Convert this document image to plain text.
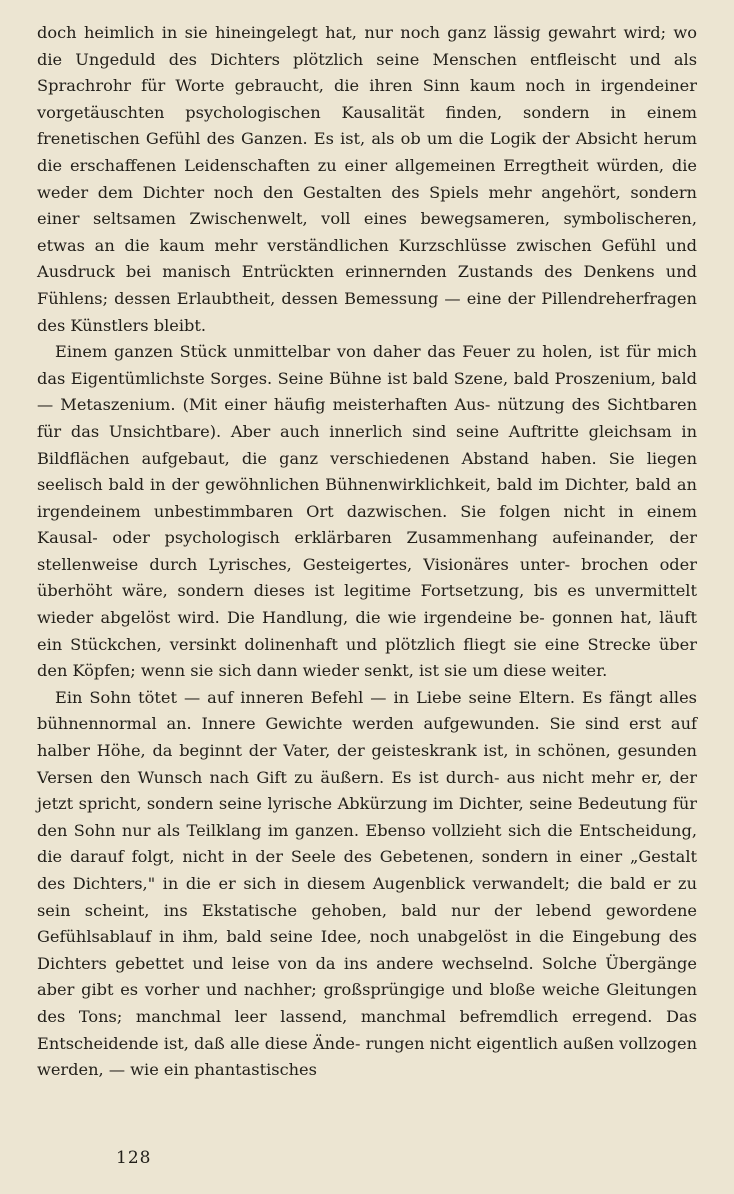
doch heimlich in sie hineingelegt hat, nur noch ganz lässig gewahrt wird; wo die Ungeduld des Dichters plötzlich seine Menschen entfleischt und als Sprachrohr für Worte gebraucht, die ihren Sinn kaum noch in irgendeiner vorgetäuschten psychologischen Kausalität finden, sondern in einem frenetischen Gefühl des Ganzen. Es ist, als ob um die Logik der Absicht herum die erschaffenen Leidenschaften zu einer allgemeinen Erregtheit würden, die weder dem Dichter noch den Gestalten des Spiels mehr angehört, sondern einer seltsamen Zwischenwelt, voll eines bewegsameren, symbolischeren, etwas an die kaum mehr verständlichen Kurzschlüsse zwischen Gefühl und Ausdruck bei manisch Entrückten erinnernden Zustands des Denkens und Fühlens; dessen Erlaubtheit, dessen Bemessung — eine der Pillendreherfragen des Künstlers bleibt.

Einem ganzen Stück unmittelbar von daher das Feuer zu holen, ist für mich das Eigentümlichste Sorges. Seine Bühne ist bald Szene, bald Proszenium, bald — Metaszenium. (Mit einer häufig meisterhaften Aus- nützung des Sichtbaren für das Unsichtbare). Aber auch innerlich sind seine Auftritte gleichsam in Bildflächen aufgebaut, die ganz verschiedenen Abstand haben. Sie liegen seelisch bald in der gewöhnlichen Bühnenwirklichkeit, bald im Dichter, bald an irgendeinem unbestimmbaren Ort dazwischen. Sie folgen nicht in einem Kausal- oder psychologisch erklärbaren Zusammenhang aufeinander, der stellenweise durch Lyrisches, Gesteigertes, Visionäres unter- brochen oder überhöht wäre, sondern dieses ist legitime Fortsetzung, bis es unvermittelt wieder abgelöst wird. Die Handlung, die wie irgendeine be- gonnen hat, läuft ein Stückchen, versinkt dolinenhaft und plötzlich fliegt sie eine Strecke über den Köpfen; wenn sie sich dann wieder senkt, ist sie um diese weiter.

Ein Sohn tötet — auf inneren Befehl — in Liebe seine Eltern. Es fängt alles bühnennormal an. Innere Gewichte werden aufgewunden. Sie sind erst auf halber Höhe, da beginnt der Vater, der geisteskrank ist, in schönen, gesunden Versen den Wunsch nach Gift zu äußern. Es ist durch- aus nicht mehr er, der jetzt spricht, sondern seine lyrische Abkürzung im Dichter, seine Bedeutung für den Sohn nur als Teilklang im ganzen. Ebenso vollzieht sich die Entscheidung, die darauf folgt, nicht in der Seele des Gebetenen, sondern in einer „Gestalt des Dichters," in die er sich in diesem Augenblick verwandelt; die bald er zu sein scheint, ins Ekstatische gehoben, bald nur der lebend gewordene Gefühlsablauf in ihm, bald seine Idee, noch unabgelöst in die Eingebung des Dichters gebettet und leise von da ins andere wechselnd. Solche Übergänge aber gibt es vorher und nachher; großsprüngige und bloße weiche Gleitungen des Tons; manchmal leer lassend, manchmal befremdlich erregend. Das Entscheidende ist, daß alle diese Ände- rungen nicht eigentlich außen vollzogen werden, — wie ein phantastisches

128
